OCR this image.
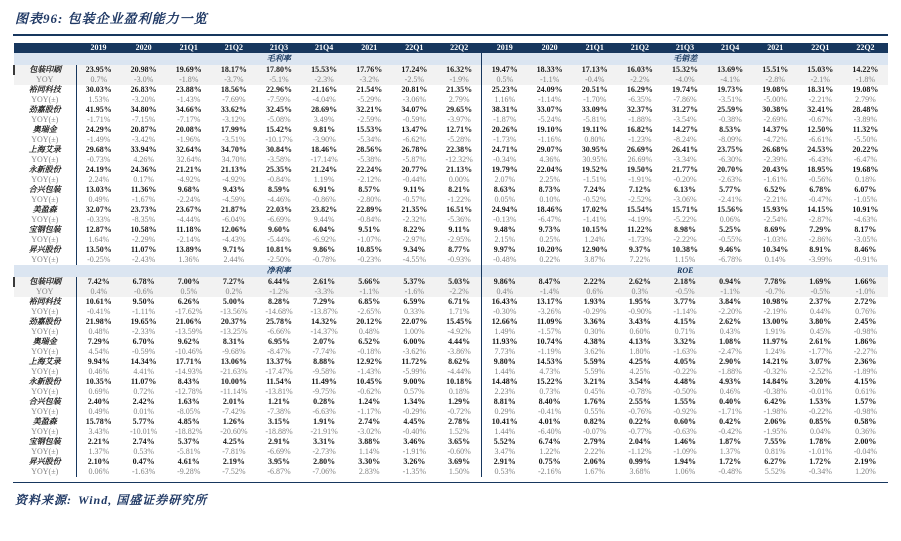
图表96: 包装企业盈利能力一览
	2019	2020	21Q1	21Q2	21Q3	21Q4	2021	22Q1	22Q2	2019	2020	21Q1	21Q2	21Q3	21Q4	2021	22Q1	22Q2
	毛利率									毛销差								
包装印刷	23.95%	20.98%	19.69%	18.17%	17.80%	15.53%	17.76%	17.24%	16.32%	19.47%	18.33%	17.13%	16.03%	15.32%	13.69%	15.51%	15.03%	14.22%
YOY	0.7%	-3.0%	-1.8%	-3.7%	-5.1%	-2.3%	-3.2%	-2.5%	-1.9%	0.5%	-1.1%	-0.4%	-2.2%	-4.0%	-4.1%	-2.8%	-2.1%	-1.8%
裕同科技	30.03%	26.83%	23.88%	18.56%	22.96%	21.16%	21.54%	20.81%	21.35%	25.23%	24.09%	20.51%	16.29%	19.74%	19.73%	19.08%	18.31%	19.08%
YOY(±)	1.53%	-3.20%	-1.43%	-7.69%	-7.59%	-4.04%	-5.29%	-3.06%	2.79%	1.16%	-1.14%	-1.70%	-6.35%	-7.86%	-3.51%	-5.00%	-2.21%	2.79%
劲嘉股份	41.95%	34.80%	34.66%	33.62%	32.45%	28.69%	32.21%	34.07%	29.65%	38.31%	33.07%	33.09%	32.37%	31.27%	25.59%	30.38%	32.41%	28.48%
YOY(±)	-1.71%	-7.15%	-7.17%	-3.12%	-5.08%	3.49%	-2.59%	-0.59%	-3.97%	-1.87%	-5.24%	-5.81%	-1.88%	-3.54%	-0.38%	-2.69%	-0.67%	-3.89%
奥瑞金	24.29%	20.87%	20.08%	17.99%	15.42%	9.81%	15.53%	13.47%	12.71%	20.26%	19.10%	19.11%	16.82%	14.27%	8.53%	14.37%	12.50%	11.32%
YOY(±)	-1.49%	-3.42%	-1.96%	-3.51%	-10.17%	-3.90%	-5.34%	-6.62%	-5.28%	-1.73%	-1.16%	0.80%	-1.23%	-8.24%	-8.09%	-4.72%	-6.61%	-5.50%
上海艾录	29.68%	33.94%	32.64%	34.70%	30.84%	18.46%	28.56%	26.78%	22.38%	24.71%	29.07%	30.95%	26.69%	26.41%	23.75%	26.68%	24.53%	20.22%
YOY(±)	-0.73%	4.26%	32.64%	34.70%	-3.58%	-17.14%	-5.38%	-5.87%	-12.32%	-0.34%	4.36%	30.95%	26.69%	-3.34%	-6.30%	-2.39%	-6.43%	-6.47%
永新股份	24.19%	24.36%	21.21%	21.13%	25.35%	21.24%	22.24%	20.77%	21.13%	19.79%	22.04%	19.52%	19.50%	21.77%	20.70%	20.43%	18.95%	19.68%
YOY(±)	2.24%	0.17%	-4.92%	-4.92%	-0.84%	1.19%	-2.12%	-0.44%	0.00%	2.07%	2.25%	-1.51%	-1.91%	-0.20%	-2.63%	-1.61%	-0.56%	0.18%
合兴包装	13.03%	11.36%	9.68%	9.43%	8.59%	6.91%	8.57%	9.11%	8.21%	8.63%	8.73%	7.24%	7.12%	6.13%	5.77%	6.52%	6.78%	6.07%
YOY(±)	0.49%	-1.67%	-2.24%	-4.59%	-4.46%	-0.86%	-2.80%	-0.57%	-1.22%	0.05%	0.10%	-0.52%	-2.52%	-3.06%	-2.41%	-2.21%	-0.47%	-1.05%
美盈森	32.07%	23.73%	23.67%	21.87%	22.03%	23.82%	22.89%	21.35%	16.51%	24.94%	18.46%	17.02%	15.54%	15.71%	15.56%	15.93%	14.15%	10.91%
YOY(±)	-0.33%	-8.35%	-4.44%	-6.04%	-6.69%	9.44%	-0.84%	-2.32%	-5.36%	-0.13%	-6.47%	-1.41%	-4.19%	-5.22%	0.06%	-2.54%	-2.87%	-4.63%
宝钢包装	12.87%	10.58%	11.18%	12.06%	9.60%	6.04%	9.51%	8.22%	9.11%	9.48%	9.73%	10.15%	11.22%	8.98%	5.25%	8.69%	7.29%	8.17%
YOY(±)	1.64%	-2.29%	-2.14%	-4.43%	-5.44%	-6.92%	-1.07%	-2.97%	-2.95%	2.15%	0.25%	1.24%	-1.73%	-2.22%	-0.55%	-1.03%	-2.86%	-3.05%
昇兴股份	13.50%	11.07%	13.89%	9.71%	10.81%	9.86%	10.85%	9.34%	8.77%	9.97%	10.20%	12.90%	9.37%	10.38%	9.46%	10.34%	8.91%	8.46%
YOY(±)	-0.25%	-2.43%	1.36%	2.44%	-2.50%	-0.78%	-0.23%	-4.55%	-0.93%	-0.48%	0.22%	3.87%	7.22%	1.15%	-6.78%	0.14%	-3.99%	-0.91%
	净利率									ROE								
包装印刷	7.42%	6.78%	7.00%	7.27%	6.44%	2.61%	5.66%	5.37%	5.03%	9.86%	8.47%	2.22%	2.62%	2.18%	0.94%	7.78%	1.69%	1.66%
YOY	0.4%	-0.6%	0.5%	0.2%	-1.2%	-3.3%	-1.1%	-1.6%	-2.2%	0.4%	-1.4%	0.6%	0.3%	-0.5%	-1.1%	-0.7%	-0.5%	-1.0%
裕同科技	10.61%	9.50%	6.26%	5.00%	8.28%	7.29%	6.85%	6.59%	6.71%	16.43%	13.17%	1.93%	1.95%	3.77%	3.84%	10.98%	2.37%	2.72%
YOY(±)	-0.41%	-1.11%	-17.62%	-13.56%	-14.68%	-13.87%	-2.65%	0.33%	1.71%	-0.30%	-3.26%	-0.29%	-0.90%	-1.14%	-2.20%	-2.19%	0.44%	0.76%
劲嘉股份	21.98%	19.65%	21.06%	20.37%	25.78%	14.32%	20.12%	22.07%	15.45%	12.66%	11.09%	3.36%	3.43%	4.15%	2.62%	13.00%	3.80%	2.45%
YOY(±)	0.48%	-2.33%	-13.59%	-13.25%	-6.66%	-14.37%	0.48%	1.00%	-4.92%	1.49%	-1.57%	0.30%	0.60%	0.71%	0.43%	1.91%	0.45%	-0.98%
奥瑞金	7.29%	6.70%	9.62%	8.31%	6.95%	2.07%	6.52%	6.00%	4.44%	11.93%	10.74%	4.38%	4.13%	3.32%	1.08%	11.97%	2.61%	1.86%
YOY(±)	4.54%	-0.59%	-10.46%	-9.68%	-8.47%	-7.74%	-0.18%	-3.62%	-3.86%	7.73%	-1.19%	3.62%	1.80%	-1.63%	-2.47%	1.24%	-1.77%	-2.27%
上海艾录	9.94%	14.34%	17.71%	13.06%	13.37%	8.88%	12.92%	11.72%	8.62%	9.80%	14.53%	5.59%	4.25%	4.05%	2.90%	14.21%	3.07%	2.36%
YOY(±)	0.46%	4.41%	-14.93%	-21.63%	-17.47%	-9.58%	-1.43%	-5.99%	-4.44%	1.44%	4.73%	5.59%	4.25%	-0.22%	-1.88%	-0.32%	-2.52%	-1.89%
永新股份	10.35%	11.07%	8.43%	10.00%	11.54%	11.49%	10.45%	9.00%	10.18%	14.48%	15.22%	3.21%	3.54%	4.48%	4.93%	14.84%	3.20%	4.15%
YOY(±)	0.69%	0.72%	-12.78%	-11.14%	-13.81%	-9.75%	-0.62%	0.57%	0.18%	2.23%	0.73%	0.45%	-0.78%	-0.50%	0.46%	-0.38%	-0.01%	0.61%
合兴包装	2.40%	2.42%	1.63%	2.01%	1.21%	0.28%	1.24%	1.34%	1.29%	8.81%	8.40%	1.76%	2.55%	1.55%	0.40%	6.42%	1.53%	1.57%
YOY(±)	0.49%	0.01%	-8.05%	-7.42%	-7.38%	-6.63%	-1.17%	-0.29%	-0.72%	0.29%	-0.41%	0.55%	-0.76%	-0.92%	-1.71%	-1.98%	-0.22%	-0.98%
美盈森	15.78%	5.77%	4.85%	1.26%	3.15%	1.91%	2.74%	4.45%	2.78%	10.41%	4.01%	0.82%	0.22%	0.60%	0.42%	2.06%	0.85%	0.58%
YOY(±)	3.43%	-10.01%	-18.82%	-20.60%	-18.88%	-21.91%	-3.02%	-0.40%	1.52%	1.44%	-6.40%	-0.07%	-0.77%	-0.63%	-0.42%	-1.95%	0.04%	0.36%
宝钢包装	2.21%	2.74%	5.37%	4.25%	2.91%	3.31%	3.88%	3.46%	3.65%	5.52%	6.74%	2.79%	2.04%	1.46%	1.87%	7.55%	1.78%	2.00%
YOY(±)	1.37%	0.53%	-5.81%	-7.81%	-6.69%	-2.73%	1.14%	-1.91%	-0.60%	3.47%	1.22%	2.22%	-1.12%	-1.09%	1.37%	0.81%	-1.01%	-0.04%
昇兴股份	2.10%	0.47%	4.61%	2.19%	3.95%	2.80%	3.30%	3.26%	3.69%	2.91%	0.75%	2.06%	0.99%	1.94%	1.72%	6.27%	1.72%	2.19%
YOY(±)	0.06%	-1.63%	-9.28%	-7.52%	-6.87%	-7.06%	2.83%	-1.35%	1.50%	0.53%	-2.16%	1.67%	3.68%	1.06%	-0.48%	5.52%	-0.34%	1.20%
资料来源: Wind, 国盛证券研究所
